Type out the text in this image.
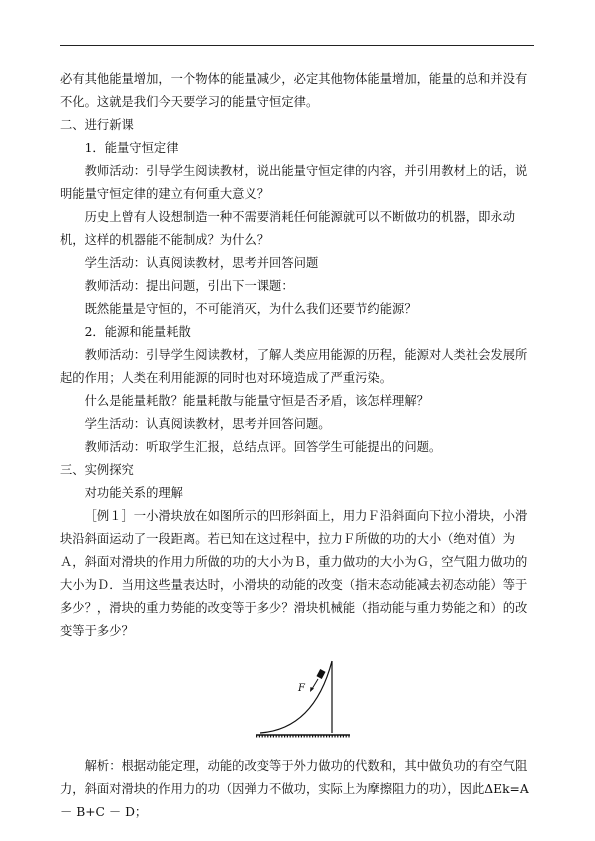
必有其他能量增加，一个物体的能量减少，必定其他物体能量增加，能量的总和并没有不化。这就是我们今天要学习的能量守恒定律。

二、进行新课

1．能量守恒定律

教师活动：引导学生阅读教材，说出能量守恒定律的内容，并引用教材上的话，说明能量守恒定律的建立有何重大意义？

历史上曾有人设想制造一种不需要消耗任何能源就可以不断做功的机器，即永动机，这样的机器能不能制成？为什么？

学生活动：认真阅读教材，思考并回答问题

教师活动：提出问题，引出下一课题：

既然能量是守恒的，不可能消灭，为什么我们还要节约能源？

2．能源和能量耗散

教师活动：引导学生阅读教材，了解人类应用能源的历程，能源对人类社会发展所起的作用；人类在利用能源的同时也对环境造成了严重污染。

什么是能量耗散？能量耗散与能量守恒是否矛盾，该怎样理解？

学生活动：认真阅读教材，思考并回答问题。

教师活动：听取学生汇报，总结点评。回答学生可能提出的问题。

三、实例探究

对功能关系的理解

［例１］一小滑块放在如图所示的凹形斜面上，用力Ｆ沿斜面向下拉小滑块，小滑块沿斜面运动了一段距离。若已知在这过程中，拉力Ｆ所做的功的大小（绝对值）为Ａ，斜面对滑块的作用力所做的功的大小为Ｂ，重力做功的大小为Ｇ，空气阻力做功的大小为Ｄ．当用这些量表达时，小滑块的动能的改变（指末态动能减去初态动能）等于多少？，滑块的重力势能的改变等于多少？滑块机械能（指动能与重力势能之和）的改变等于多少？

F

解析：根据动能定理，动能的改变等于外力做功的代数和，其中做负功的有空气阻力，斜面对滑块的作用力的功（因弹力不做功，实际上为摩擦阻力的功），因此ΔEk=A － B+C － D；
